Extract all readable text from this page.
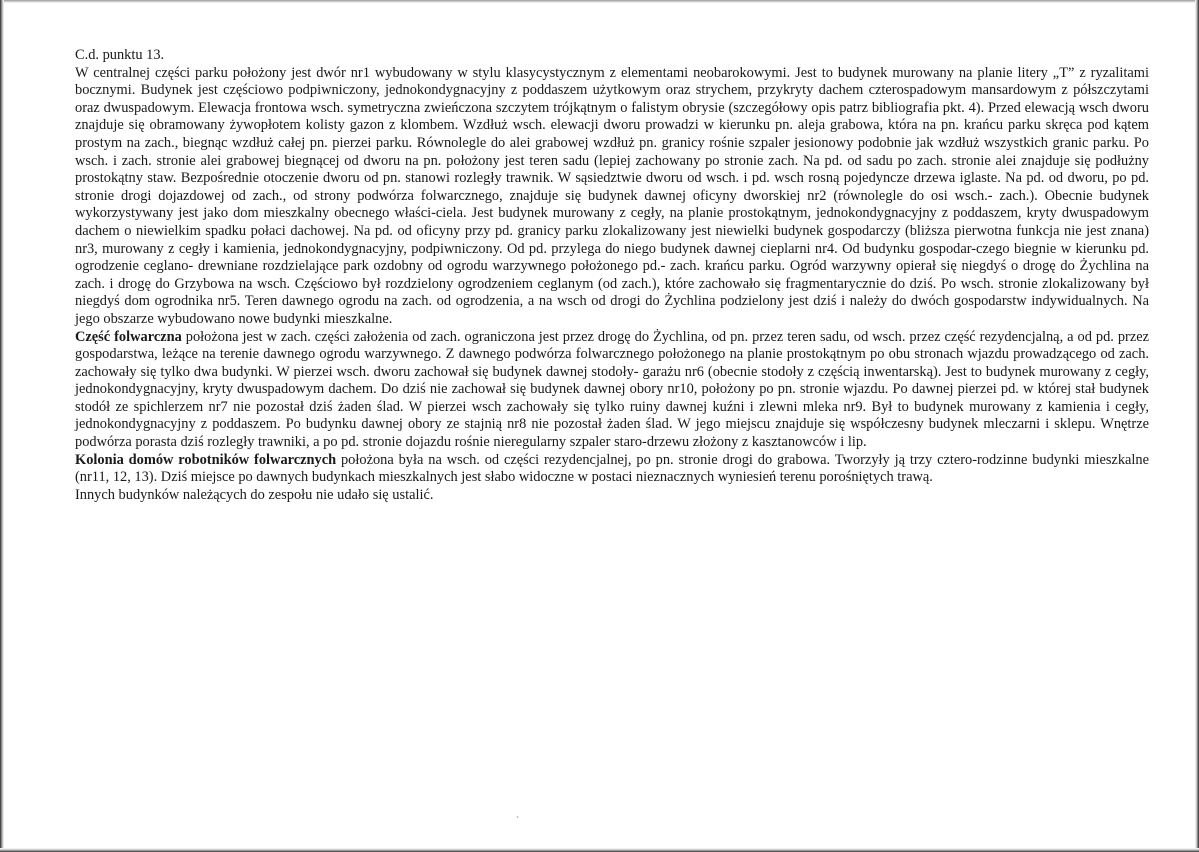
C.d. punktu 13.

W centralnej części parku położony jest dwór nr1 wybudowany w stylu klasycystycznym z elementami neobarokowymi. Jest to budynek murowany na planie litery „T” z ryzalitami bocznymi. Budynek jest częściowo podpiwniczony, jednokondygnacyjny z poddaszem użytkowym oraz strychem, przykryty dachem czterospadowym mansardowym z półszczytami oraz dwuspadowym. Elewacja frontowa wsch. symetryczna zwieńczona szczytem trójkątnym o falistym obrysie (szczegółowy opis patrz bibliografia pkt. 4). Przed elewacją wsch dworu znajduje się obramowany żywopłotem kolisty gazon z klombem. Wzdłuż wsch. elewacji dworu prowadzi w kierunku pn. aleja grabowa, która na pn. krańcu parku skręca pod kątem prostym na zach., biegnąc wzdłuż całej pn. pierzei parku. Równolegle do alei grabowej wzdłuż pn. granicy rośnie szpaler jesionowy podobnie jak wzdłuż wszystkich granic parku. Po wsch. i zach. stronie alei grabowej biegnącej od dworu na pn. położony jest teren sadu (lepiej zachowany po stronie zach. Na pd. od sadu po zach. stronie alei znajduje się podłużny prostokątny staw. Bezpośrednie otoczenie dworu od pn. stanowi rozległy trawnik. W sąsiedztwie dworu od wsch. i pd. wsch rosną pojedyncze drzewa iglaste. Na pd. od dworu, po pd. stronie drogi dojazdowej od zach., od strony podwórza folwarcznego, znajduje się budynek dawnej oficyny dworskiej nr2 (równolegle do osi wsch.- zach.). Obecnie budynek wykorzystywany jest jako dom mieszkalny obecnego właści-ciela. Jest budynek murowany z cegły, na planie prostokątnym, jednokondygnacyjny z poddaszem, kryty dwuspadowym dachem o niewielkim spadku połaci dachowej. Na pd. od oficyny przy pd. granicy parku zlokalizowany jest niewielki budynek gospodarczy (bliższa pierwotna funkcja nie jest znana) nr3, murowany z cegły i kamienia, jednokondygnacyjny, podpiwniczony. Od pd. przylega do niego budynek dawnej cieplarni nr4. Od budynku gospodar-czego biegnie w kierunku pd. ogrodzenie ceglano- drewniane rozdzielające park ozdobny od ogrodu warzywnego położonego pd.- zach. krańcu parku. Ogród warzywny opierał się niegdyś o drogę do Żychlina na zach. i drogę do Grzybowa na wsch. Częściowo był rozdzielony ogrodzeniem ceglanym (od zach.), które zachowało się fragmentarycznie do dziś. Po wsch. stronie zlokalizowany był niegdyś dom ogrodnika nr5. Teren dawnego ogrodu na zach. od ogrodzenia, a na wsch od drogi do Żychlina podzielony jest dziś i należy do dwóch gospodarstw indywidualnych. Na jego obszarze wybudowano nowe budynki mieszkalne.

Część folwarczna położona jest w zach. części założenia od zach. ograniczona jest przez drogę do Żychlina, od pn. przez teren sadu, od wsch. przez część rezydencjalną, a od pd. przez gospodarstwa, leżące na terenie dawnego ogrodu warzywnego. Z dawnego podwórza folwarcznego położonego na planie prostokątnym po obu stronach wjazdu prowadzącego od zach. zachowały się tylko dwa budynki. W pierzei wsch. dworu zachował się budynek dawnej stodoły- garażu nr6 (obecnie stodoły z częścią inwentarską). Jest to budynek murowany z cegły, jednokondygnacyjny, kryty dwuspadowym dachem. Do dziś nie zachował się budynek dawnej obory nr10, położony po pn. stronie wjazdu. Po dawnej pierzei pd. w której stał budynek stodół ze spichlerzem nr7 nie pozostał dziś żaden ślad. W pierzei wsch zachowały się tylko ruiny dawnej kuźni i zlewni mleka nr9. Był to budynek murowany z kamienia i cegły, jednokondygnacyjny z poddaszem. Po budynku dawnej obory ze stajnią nr8 nie pozostał żaden ślad. W jego miejscu znajduje się współczesny budynek mleczarni i sklepu. Wnętrze podwórza porasta dziś rozległy trawniki, a po pd. stronie dojazdu rośnie nieregularny szpaler staro-drzewu złożony z kasztanowców i lip.

Kolonia domów robotników folwarcznych położona była na wsch. od części rezydencjalnej, po pn. stronie drogi do grabowa. Tworzyły ją trzy cztero-rodzinne budynki mieszkalne (nr11, 12, 13). Dziś miejsce po dawnych budynkach mieszkalnych jest słabo widoczne w postaci nieznacznych wyniesień terenu porośniętych trawą.

Innych budynków należących do zespołu nie udało się ustalić.

ˏ
